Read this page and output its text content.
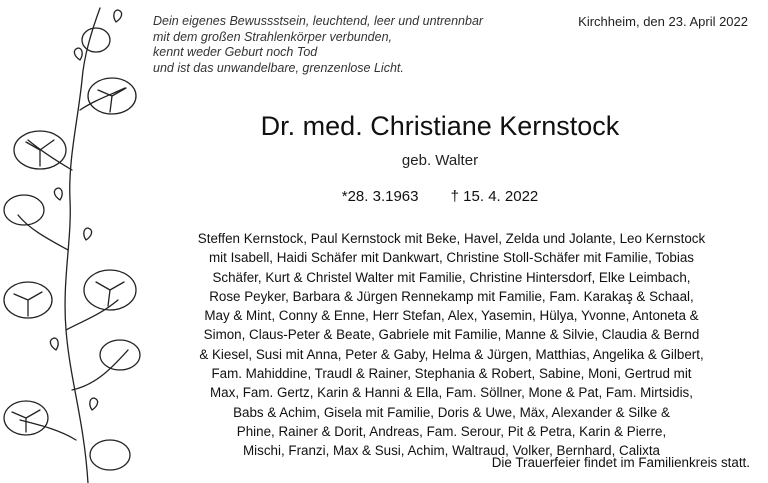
Dein eigenes Bewussstsein, leuchtend, leer und untrennbar
mit dem großen Strahlenkörper verbunden,
kennt weder Geburt noch Tod
und ist das unwandelbare, grenzenlose Licht.
Kirchheim, den 23. April 2022
Dr. med. Christiane Kernstock
geb. Walter
*28. 3.1963 † 15. 4. 2022
Steffen Kernstock, Paul Kernstock mit Beke, Havel, Zelda und Jolante, Leo Kernstock
mit Isabell, Haidi Schäfer mit Dankwart, Christine Stoll-Schäfer mit Familie, Tobias
Schäfer, Kurt & Christel Walter mit Familie, Christine Hintersdorf, Elke Leimbach,
Rose Peyker, Barbara & Jürgen Rennekamp mit Familie, Fam. Karakaş & Schaal,
May & Mint, Conny & Enne, Herr Stefan, Alex, Yasemin, Hülya, Yvonne, Antoneta &
Simon, Claus-Peter & Beate, Gabriele mit Familie, Manne & Silvie, Claudia & Bernd
& Kiesel, Susi mit Anna, Peter & Gaby, Helma & Jürgen, Matthias, Angelika & Gilbert,
Fam. Mahiddine, Traudl & Rainer, Stephania & Robert, Sabine, Moni, Gertrud mit
Max, Fam. Gertz, Karin & Hanni & Ella, Fam. Söllner, Mone & Pat, Fam. Mirtsidis,
Babs & Achim, Gisela mit Familie, Doris & Uwe, Mäx, Alexander & Silke &
Phine, Rainer & Dorit, Andreas, Fam. Serour, Pit & Petra, Karin & Pierre,
Mischi, Franzi, Max & Susi, Achim, Waltraud, Volker, Bernhard, Calixta
Die Trauerfeier findet im Familienkreis statt.
